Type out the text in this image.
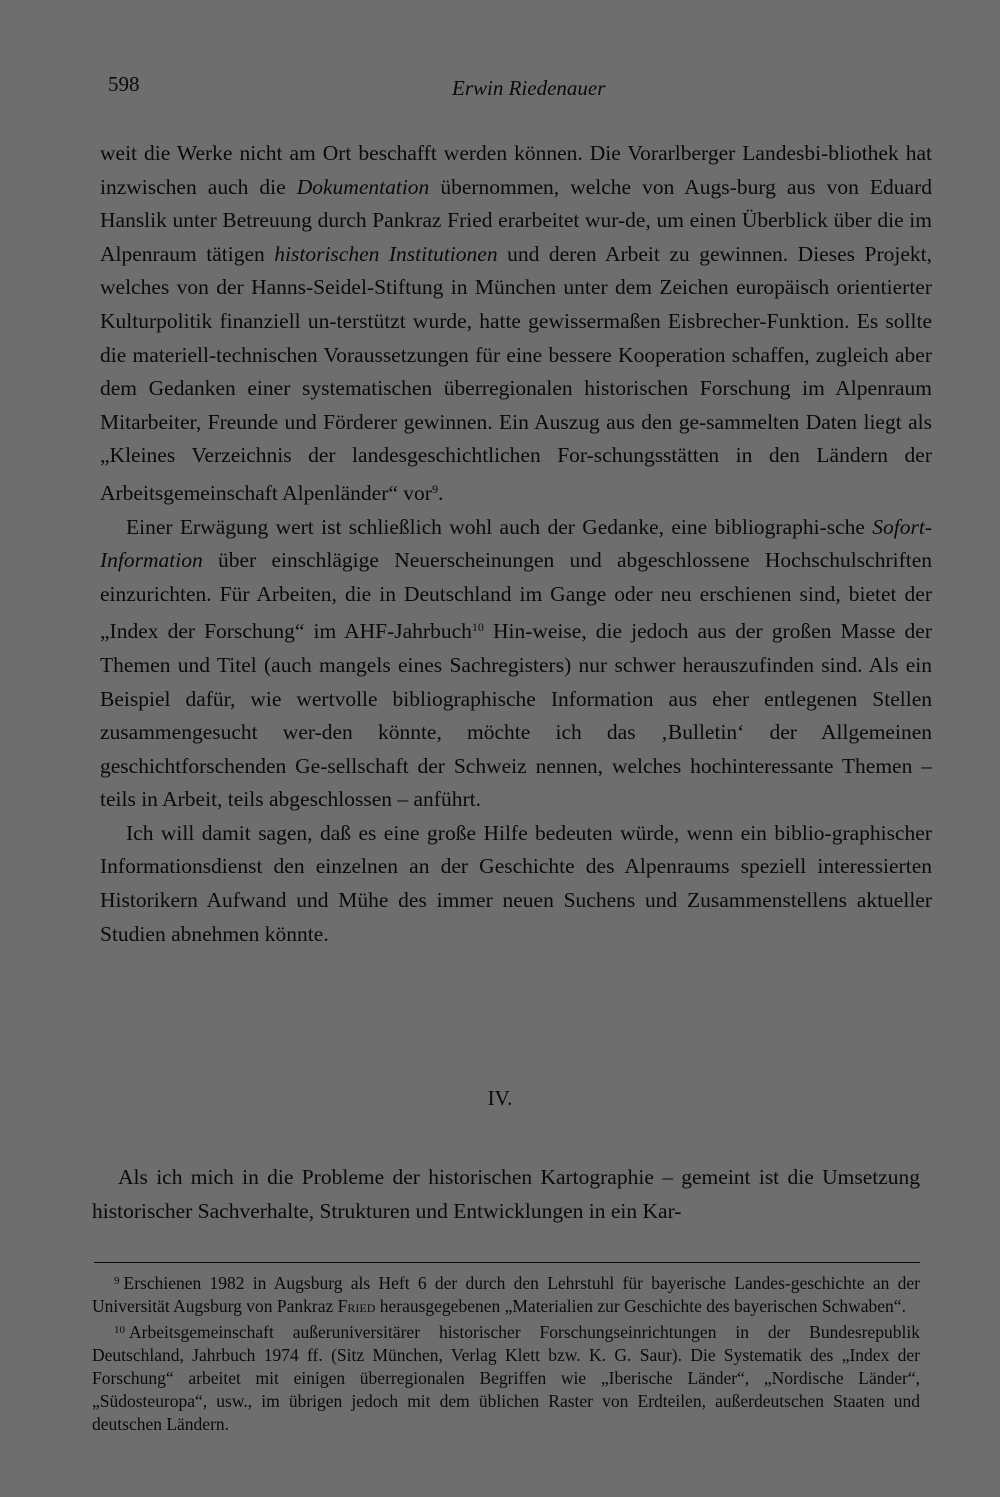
598	Erwin Riedenauer

weit die Werke nicht am Ort beschafft werden können. Die Vorarlberger Landesbi-bliothek hat inzwischen auch die Dokumentation übernommen, welche von Augs-burg aus von Eduard Hanslik unter Betreuung durch Pankraz Fried erarbeitet wur-de, um einen Überblick über die im Alpenraum tätigen historischen Institutionen und deren Arbeit zu gewinnen. Dieses Projekt, welches von der Hanns-Seidel-Stiftung in München unter dem Zeichen europäisch orientierter Kulturpolitik finanziell un-terstützt wurde, hatte gewissermaßen Eisbrecher-Funktion. Es sollte die materiell-technischen Voraussetzungen für eine bessere Kooperation schaffen, zugleich aber dem Gedanken einer systematischen überregionalen historischen Forschung im Alpenraum Mitarbeiter, Freunde und Förderer gewinnen. Ein Auszug aus den ge-sammelten Daten liegt als „Kleines Verzeichnis der landesgeschichtlichen For-schungsstätten in den Ländern der Arbeitsgemeinschaft Alpenländer“ vor$^9$.

Einer Erwägung wert ist schließlich wohl auch der Gedanke, eine bibliographi-sche Sofort-Information über einschlägige Neuerscheinungen und abgeschlossene Hochschulschriften einzurichten. Für Arbeiten, die in Deutschland im Gange oder neu erschienen sind, bietet der „Index der Forschung“ im AHF-Jahrbuch$^{10}$ Hin-weise, die jedoch aus der großen Masse der Themen und Titel (auch mangels eines Sachregisters) nur schwer herauszufinden sind. Als ein Beispiel dafür, wie wertvolle bibliographische Information aus eher entlegenen Stellen zusammengesucht wer-den könnte, möchte ich das ‚Bulletin‘ der Allgemeinen geschichtforschenden Ge-sellschaft der Schweiz nennen, welches hochinteressante Themen – teils in Arbeit, teils abgeschlossen – anführt.

Ich will damit sagen, daß es eine große Hilfe bedeuten würde, wenn ein biblio-graphischer Informationsdienst den einzelnen an der Geschichte des Alpenraums speziell interessierten Historikern Aufwand und Mühe des immer neuen Suchens und Zusammenstellens aktueller Studien abnehmen könnte.

IV.

Als ich mich in die Probleme der historischen Kartographie – gemeint ist die Umsetzung historischer Sachverhalte, Strukturen und Entwicklungen in ein Kar-

$^9$ Erschienen 1982 in Augsburg als Heft 6 der durch den Lehrstuhl für bayerische Landes-geschichte an der Universität Augsburg von Pankraz Fried herausgegebenen „Materialien zur Geschichte des bayerischen Schwaben“.

$^{10}$ Arbeitsgemeinschaft außeruniversitärer historischer Forschungseinrichtungen in der Bundesrepublik Deutschland, Jahrbuch 1974 ff. (Sitz München, Verlag Klett bzw. K. G. Saur). Die Systematik des „Index der Forschung“ arbeitet mit einigen überregionalen Begriffen wie „Iberische Länder“, „Nordische Länder“, „Südosteuropa“, usw., im übrigen jedoch mit dem üblichen Raster von Erdteilen, außerdeutschen Staaten und deutschen Ländern.
